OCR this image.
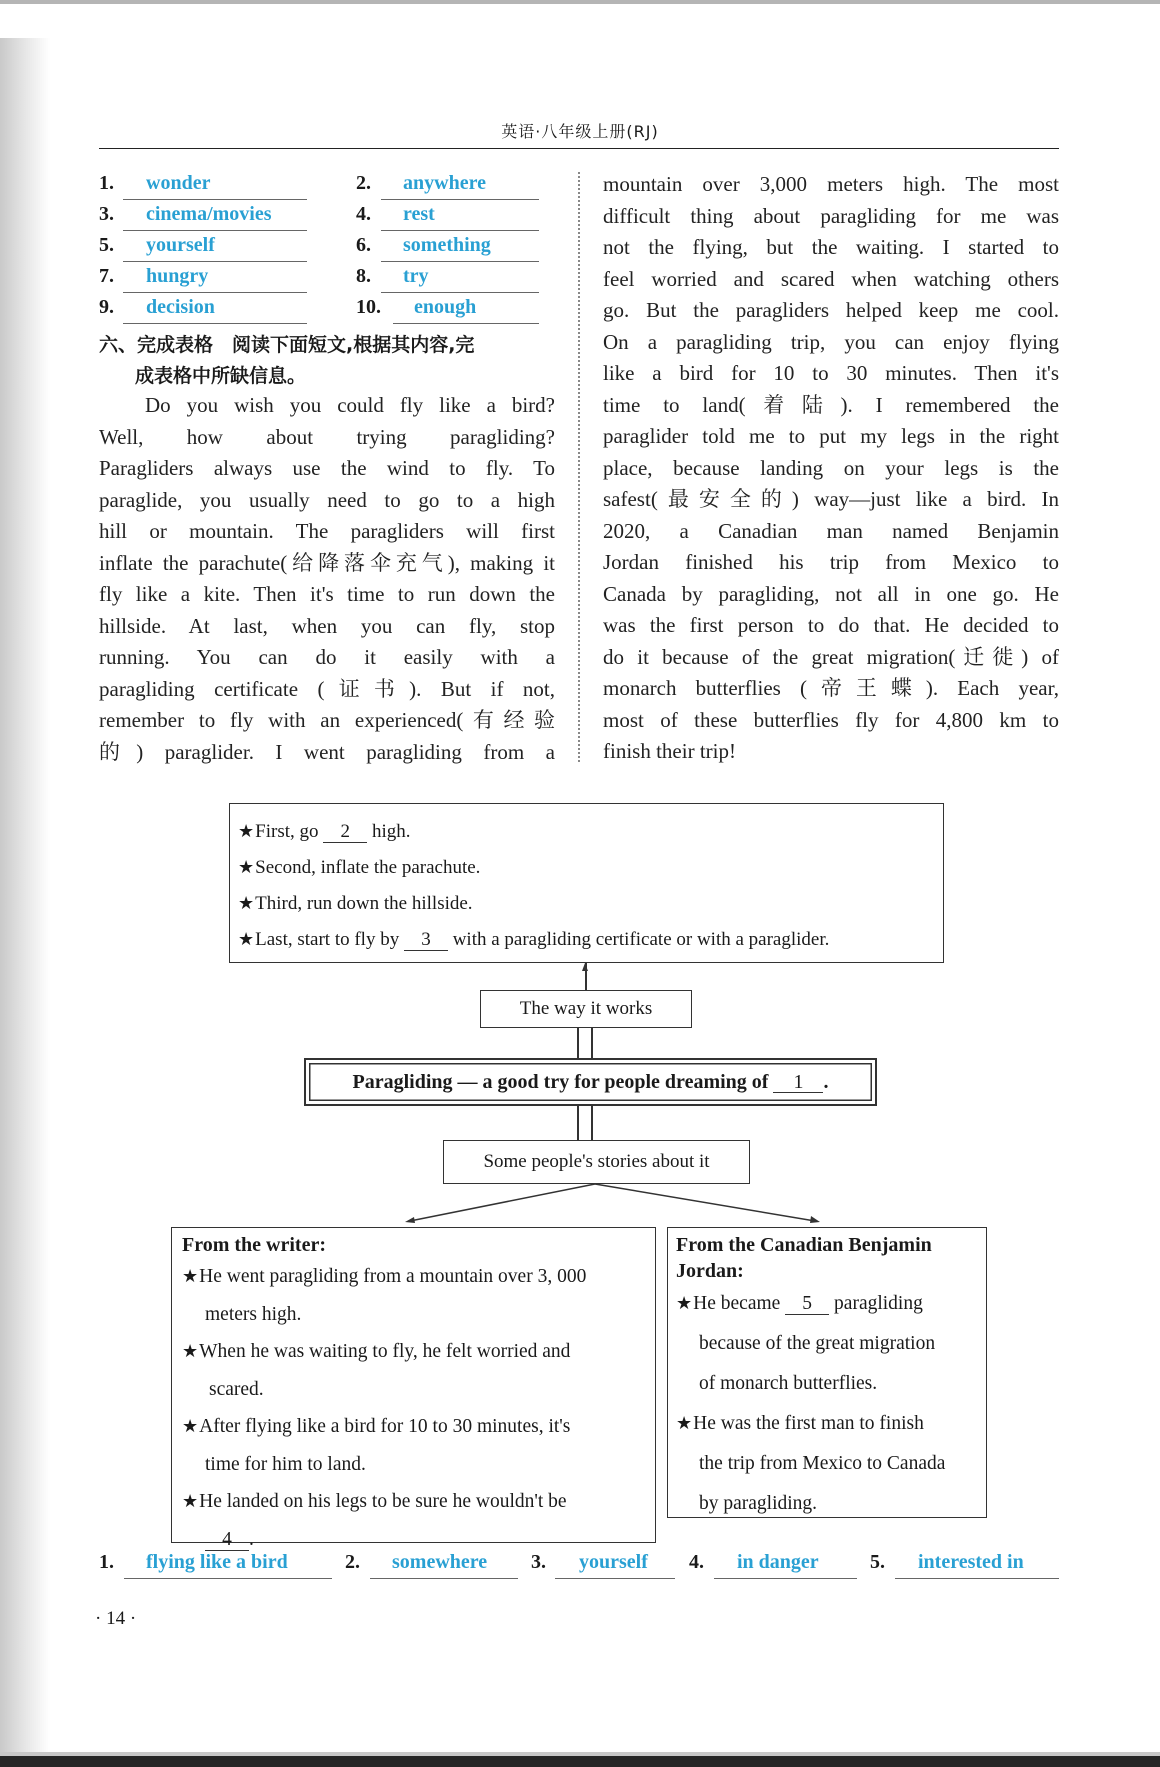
英语·八年级上册(RJ)
1. wonder	2. anywhere
3. cinema/movies	4. rest
5. yourself	6. something
7. hungry	8. try
9. decision	10. enough
六、完成表格　阅读下面短文,根据其内容,完
成表格中所缺信息。
Do you wish you could fly like a bird?
Well, how about trying paragliding?
Paragliders always use the wind to fly. To
paraglide, you usually need to go to a high
hill or mountain. The paragliders will first
inflate the parachute(给降落伞充气), making it
fly like a kite. Then it's time to run down the
hillside. At last, when you can fly, stop
running. You can do it easily with a
paragliding certificate (证书). But if not,
remember to fly with an experienced(有经验
的) paraglider. I went paragliding from a
mountain over 3,000 meters high. The most
difficult thing about paragliding for me was
not the flying, but the waiting. I started to
feel worried and scared when watching others
go. But the paragliders helped keep me cool.
On a paragliding trip, you can enjoy flying
like a bird for 10 to 30 minutes. Then it's
time to land(着陆). I remembered the
paraglider told me to put my legs in the right
place, because landing on your legs is the
safest(最安全的) way—just like a bird. In
2020, a Canadian man named Benjamin
Jordan finished his trip from Mexico to
Canada by paragliding, not all in one go. He
was the first person to do that. He decided to
do it because of the great migration(迁徙) of
monarch butterflies (帝王蝶). Each year,
most of these butterflies fly for 4,800 km to
finish their trip!
★First, go 2 high.
★Second, inflate the parachute.
★Third, run down the hillside.
★Last, start to fly by 3 with a paragliding certificate or with a paraglider.
The way it works
Paragliding — a good try for people dreaming of 1 .
Some people's stories about it
From the writer:
★He went paragliding from a mountain over 3, 000
meters high.
★When he was waiting to fly, he felt worried and
scared.
★After flying like a bird for 10 to 30 minutes, it's
time for him to land.
★He landed on his legs to be sure he wouldn't be
4 .
From the Canadian Benjamin
Jordan:
★He became 5 paragliding
because of the great migration
of monarch butterflies.
★He was the first man to finish
the trip from Mexico to Canada
by paragliding.
1. flying like a bird	2. somewhere 3. yourself 4. in danger	5. interested in
· 14 ·
